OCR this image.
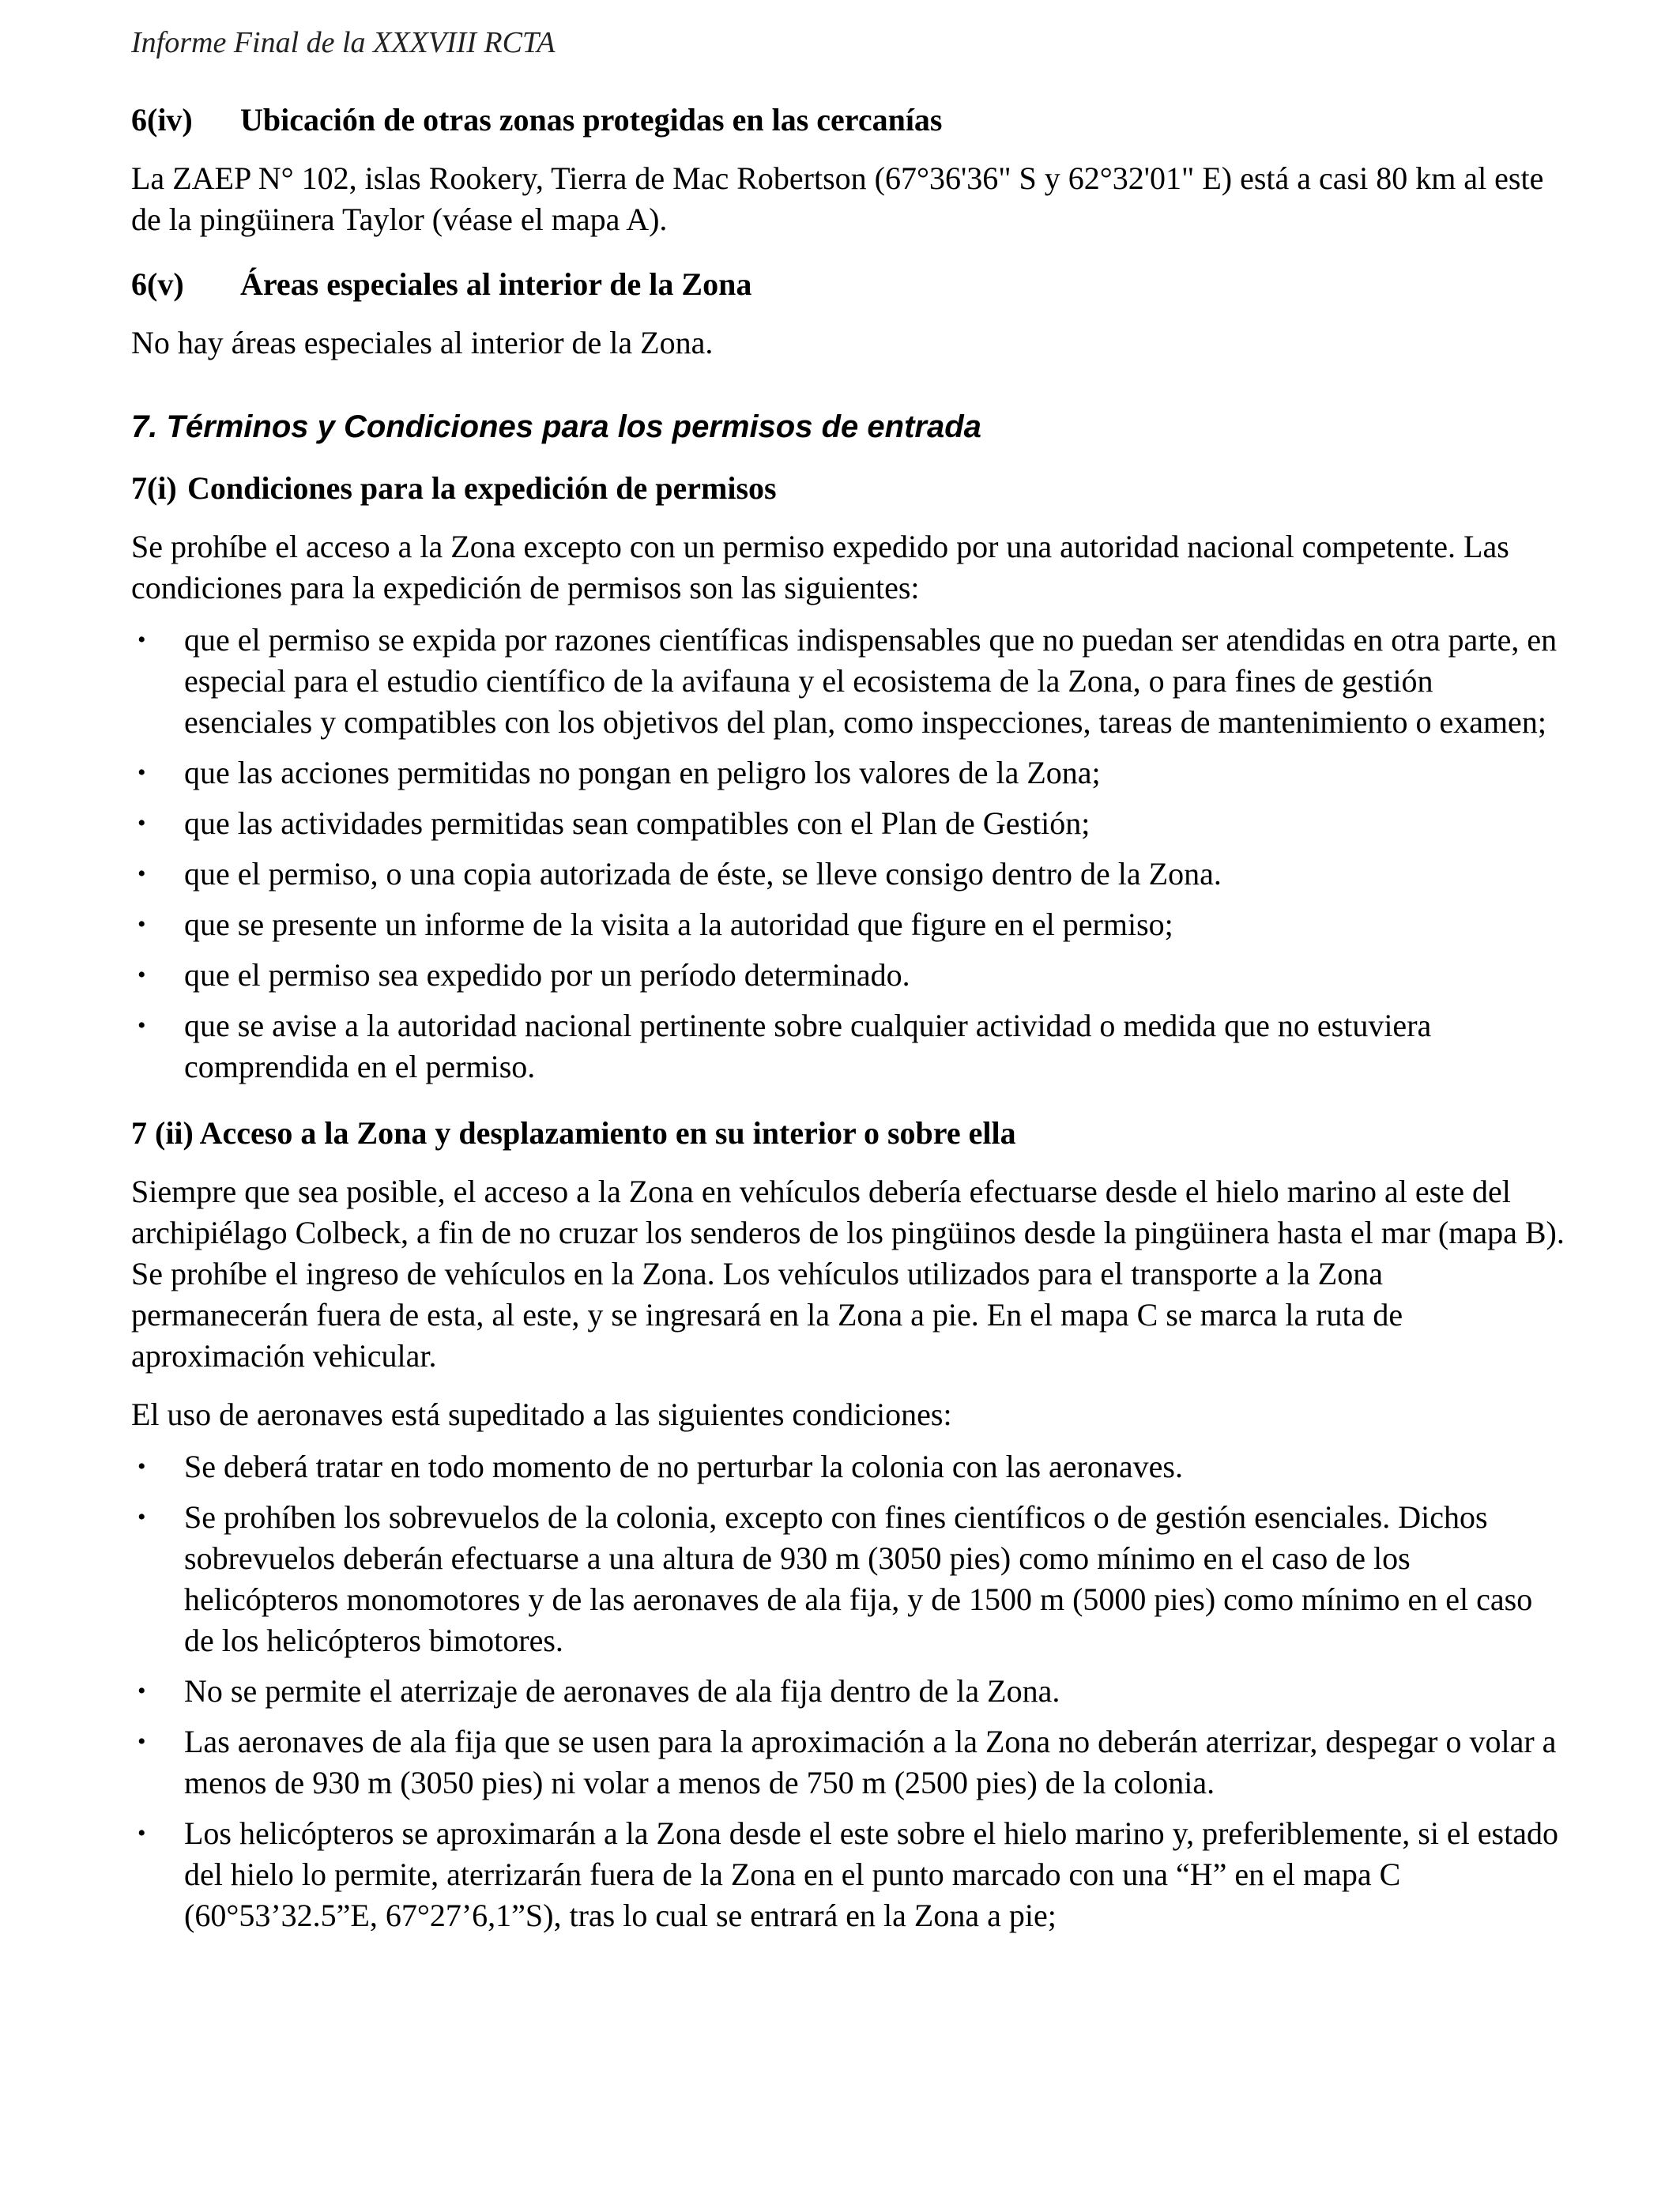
Informe Final de la XXXVIII RCTA

6(iv)	Ubicación de otras zonas protegidas en las cercanías

La ZAEP N° 102, islas Rookery, Tierra de Mac Robertson (67°36'36" S y 62°32'01" E) está a casi 80 km al este de la pingüinera Taylor (véase el mapa A).

6(v)	Áreas especiales al interior de la Zona

No hay áreas especiales al interior de la Zona.

7. Términos y Condiciones para los permisos de entrada

7(i) Condiciones para la expedición de permisos

Se prohíbe el acceso a la Zona excepto con un permiso expedido por una autoridad nacional competente. Las condiciones para la expedición de permisos son las siguientes:

•	que el permiso se expida por razones científicas indispensables que no puedan ser atendidas en otra parte, en especial para el estudio científico de la avifauna y el ecosistema de la Zona, o para fines de gestión esenciales y compatibles con los objetivos del plan, como inspecciones, tareas de mantenimiento o examen;
•	que las acciones permitidas no pongan en peligro los valores de la Zona;
•	que las actividades permitidas sean compatibles con el Plan de Gestión;
•	que el permiso, o una copia autorizada de éste, se lleve consigo dentro de la Zona.
•	que se presente un informe de la visita a la autoridad que figure en el permiso;
•	que el permiso sea expedido por un período determinado.
•	que se avise a la autoridad nacional pertinente sobre cualquier actividad o medida que no estuviera comprendida en el permiso.

7 (ii) Acceso a la Zona y desplazamiento en su interior o sobre ella

Siempre que sea posible, el acceso a la Zona en vehículos debería efectuarse desde el hielo marino al este del archipiélago Colbeck, a fin de no cruzar los senderos de los pingüinos desde la pingüinera hasta el mar (mapa B). Se prohíbe el ingreso de vehículos en la Zona. Los vehículos utilizados para el transporte a la Zona permanecerán fuera de esta, al este, y se ingresará en la Zona a pie. En el mapa C se marca la ruta de aproximación vehicular.

El uso de aeronaves está supeditado a las siguientes condiciones:

•	Se deberá tratar en todo momento de no perturbar la colonia con las aeronaves.
•	Se prohíben los sobrevuelos de la colonia, excepto con fines científicos o de gestión esenciales. Dichos sobrevuelos deberán efectuarse a una altura de 930 m (3050 pies) como mínimo en el caso de los helicópteros monomotores y de las aeronaves de ala fija, y de 1500 m (5000 pies) como mínimo en el caso de los helicópteros bimotores.
•	No se permite el aterrizaje de aeronaves de ala fija dentro de la Zona.
•	Las aeronaves de ala fija que se usen para la aproximación a la Zona no deberán aterrizar, despegar o volar a menos de 930 m (3050 pies) ni volar a menos de 750 m (2500 pies) de la colonia.
•	Los helicópteros se aproximarán a la Zona desde el este sobre el hielo marino y, preferiblemente, si el estado del hielo lo permite, aterrizarán fuera de la Zona en el punto marcado con una “H” en el mapa C (60°53’32.5”E, 67°27’6,1”S), tras lo cual se entrará en la Zona a pie;
